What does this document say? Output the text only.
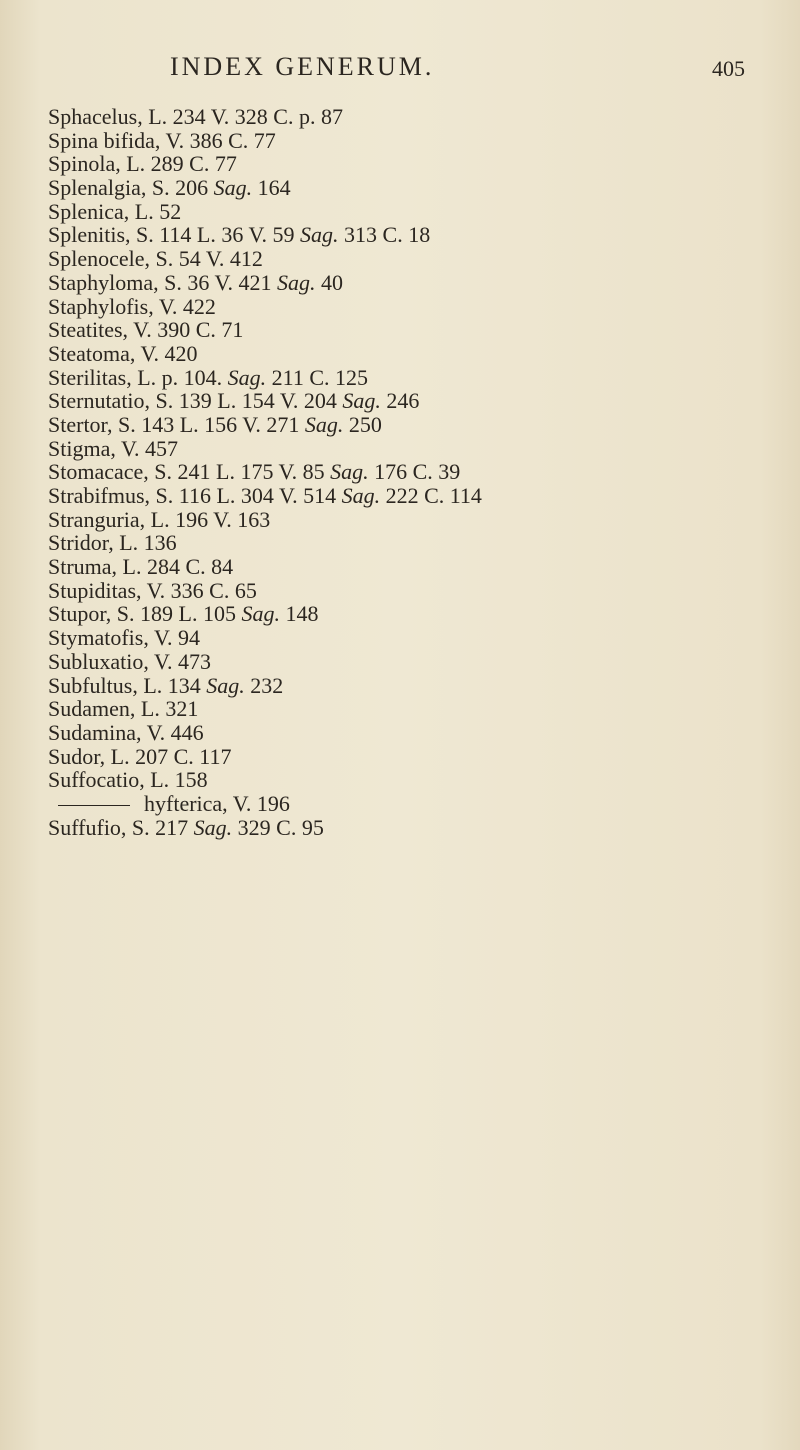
INDEX GENERUM.	405
Sphacelus, L. 234 V. 328 C. p. 87
Spina bifida, V. 386 C. 77
Spinola, L. 289 C. 77
Splenalgia, S. 206 Sag. 164
Splenica, L. 52
Splenitis, S. 114 L. 36 V. 59 Sag. 313 C. 18
Splenocele, S. 54 V. 412
Staphyloma, S. 36 V. 421 Sag. 40
Staphylofis, V. 422
Steatites, V. 390 C. 71
Steatoma, V. 420
Sterilitas, L. p. 104. Sag. 211 C. 125
Sternutatio, S. 139 L. 154 V. 204 Sag. 246
Stertor, S. 143 L. 156 V. 271 Sag. 250
Stigma, V. 457
Stomacace, S. 241 L. 175 V. 85 Sag. 176 C. 39
Strabifmus, S. 116 L. 304 V. 514 Sag. 222 C. 114
Stranguria, L. 196 V. 163
Stridor, L. 136
Struma, L. 284 C. 84
Stupiditas, V. 336 C. 65
Stupor, S. 189 L. 105 Sag. 148
Stymatofis, V. 94
Subluxatio, V. 473
Subfultus, L. 134 Sag. 232
Sudamen, L. 321
Sudamina, V. 446
Sudor, L. 207 C. 117
Suffocatio, L. 158
hyfterica, V. 196
Suffufio, S. 217 Sag. 329 C. 95
